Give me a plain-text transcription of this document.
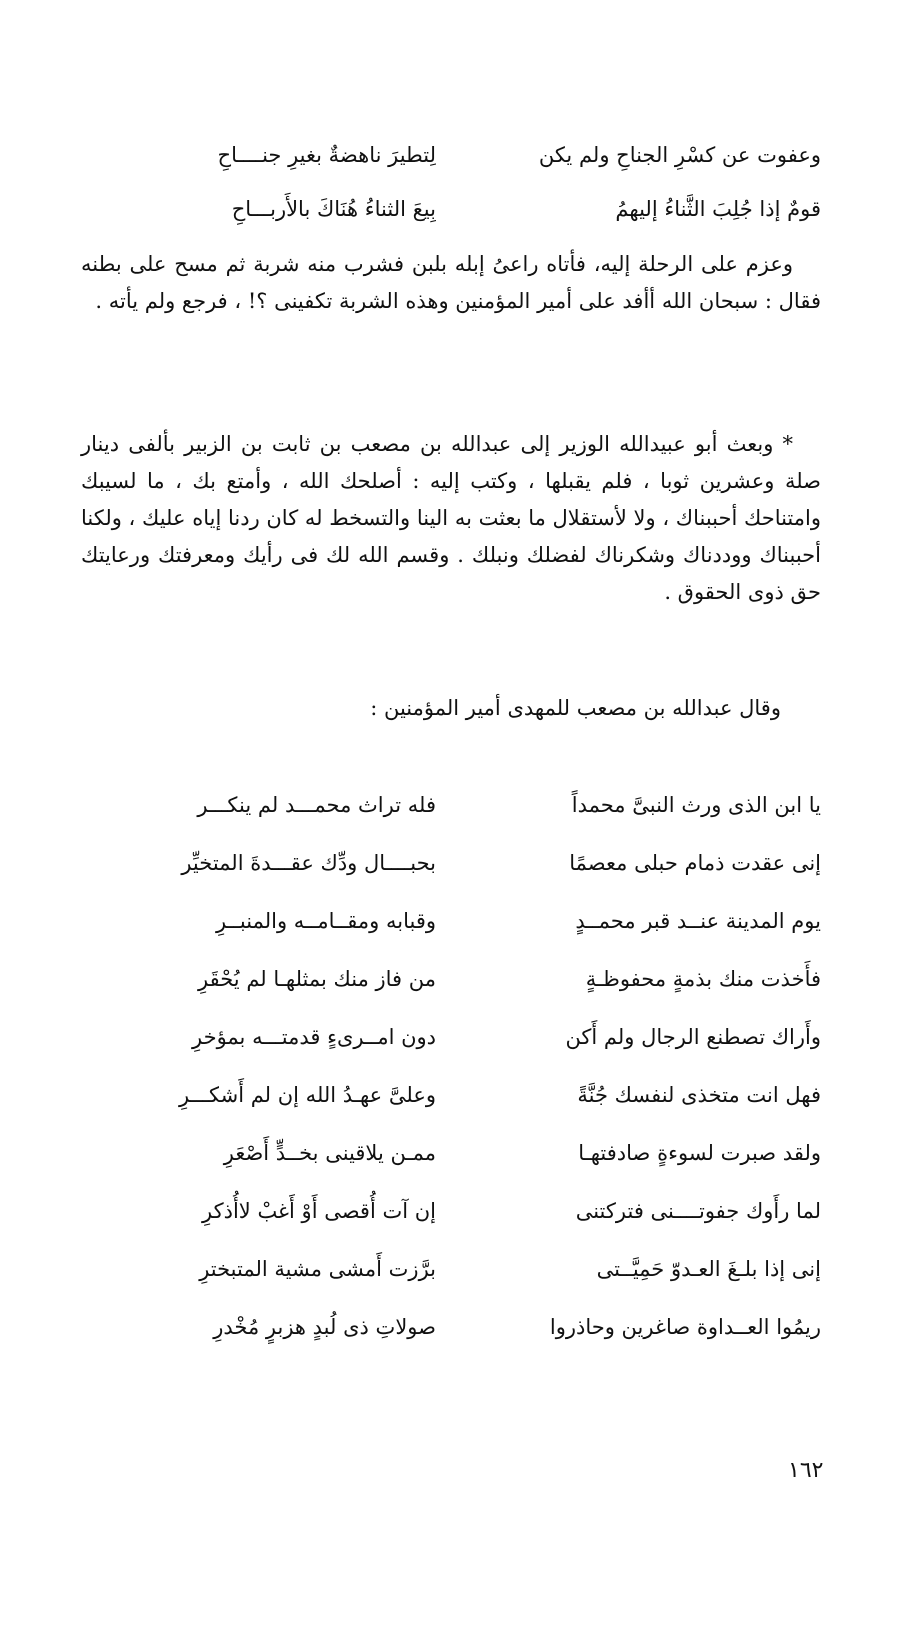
وعفوت عن كسْرِ الجناحِ ولم يكن
لِتطيرَ ناهضةٌ بغيرِ جنــــاحِ
قومٌ إذا جُلِبَ الثَّناءُ إليهمُ
بِيعَ الثناءُ هُنَاكَ بالأَربـــاحِ

وعزم على الرحلة إليه، فأتاه راعىُ إبله بلبن فشرب منه شربة ثم مسح على بطنه فقال : سبحان الله أأفد على أمير المؤمنين وهذه الشربة تكفينى ؟! ، فرجع ولم يأته .

* وبعث أبو عبيدالله الوزير إلى عبدالله بن مصعب بن ثابت بن الزبير بألفى دينار صلة وعشرين ثوبا ، فلم يقبلها ، وكتب إليه : أصلحك الله ، وأمتع بك ، ما لسيبك وامتناحك أحببناك ، ولا لأستقلال ما بعثت به الينا والتسخط له كان ردنا إياه عليك ، ولكنا أحببناك ووددناك وشكرناك لفضلك ونبلك . وقسم الله لك فى رأيك ومعرفتك ورعايتك حق ذوى الحقوق .

وقال عبدالله بن مصعب للمهدى أمير المؤمنين :

يا ابن الذى ورث النبىَّ محمداً
فله تراث محمـــد لم ينكـــر
إنى عقدت ذمام حبلى معصمًا
بحبــــال ودِّك عقـــدةَ المتخيِّر
يوم المدينة عنــد قبر محمــدٍ
وقبابه ومقــامــه والمنبــرِ
فأَخذت منك بذمةٍ محفوظـةٍ
من فاز منك بمثلهـا لم يُحْقَرِ
وأَراك تصطنع الرجال ولم أَكن
دون امــرىءٍ قدمتـــه بمؤخرِ
فهل انت متخذى لنفسك جُنَّةً
وعلىَّ عهـدُ الله إن لم أَشكـــرِ
ولقد صبرت لسوءةٍ صادفتهـا
ممـن يلاقينى بخــدٍّ أَصْعَرِ
لما رأَوك جفوتــــنى فتركتنى
إن آت أُقصى أَوْ أَغبْ لاأُذكرِ
إنى إذا بلـغَ العـدوّ حَمِيَّــتى
برَّزت أَمشى مشية المتبخترِ
ريمُوا العــداوة صاغرين وحاذروا
صولاتِ ذى لُبدٍ هزبرٍ مُخْدرِ
١٦٢
